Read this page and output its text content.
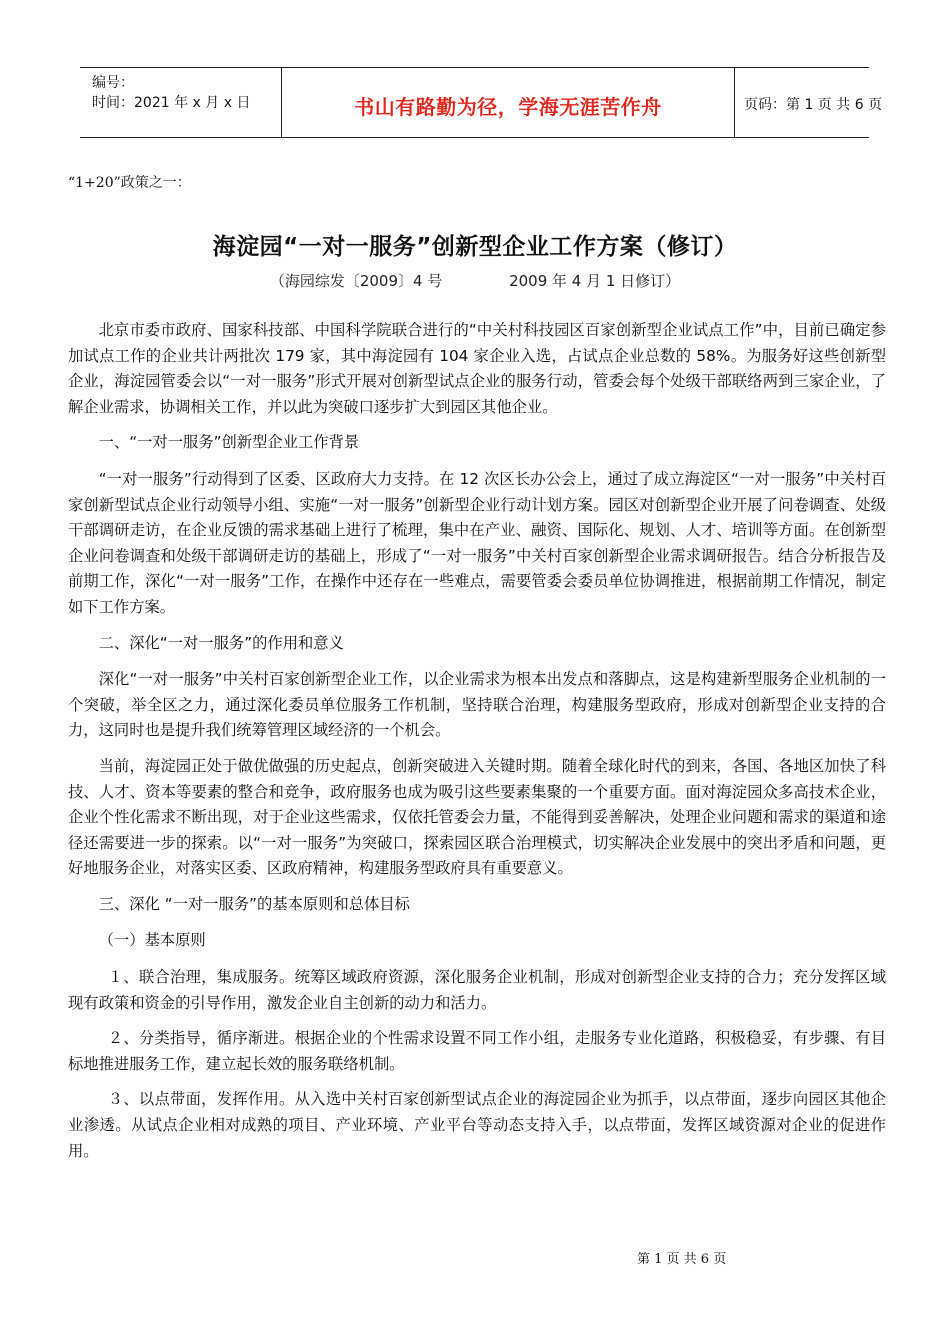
编号：
时间：2021 年 x 月 x 日	书山有路勤为径，学海无涯苦作舟	页码：第 1 页 共 6 页
“1+20”政策之一：
海淀园“一对一服务”创新型企业工作方案（修订）
（海园综发〔2009〕4 号              2009 年 4 月 1 日修订）

北京市委市政府、国家科技部、中国科学院联合进行的“中关村科技园区百家创新型企业试点工作”中，目前已确定参加试点工作的企业共计两批次 179 家，其中海淀园有 104 家企业入选，占试点企业总数的 58%。为服务好这些创新型企业，海淀园管委会以“一对一服务”形式开展对创新型试点企业的服务行动，管委会每个处级干部联络两到三家企业，了解企业需求，协调相关工作，并以此为突破口逐步扩大到园区其他企业。

一、“一对一服务”创新型企业工作背景

“一对一服务”行动得到了区委、区政府大力支持。在 12 次区长办公会上，通过了成立海淀区“一对一服务”中关村百家创新型试点企业行动领导小组、实施“一对一服务”创新型企业行动计划方案。园区对创新型企业开展了问卷调查、处级干部调研走访，在企业反馈的需求基础上进行了梳理，集中在产业、融资、国际化、规划、人才、培训等方面。在创新型企业问卷调查和处级干部调研走访的基础上，形成了“一对一服务”中关村百家创新型企业需求调研报告。结合分析报告及前期工作，深化“一对一服务”工作，在操作中还存在一些难点，需要管委会委员单位协调推进，根据前期工作情况，制定如下工作方案。

二、深化“一对一服务”的作用和意义

深化“一对一服务”中关村百家创新型企业工作，以企业需求为根本出发点和落脚点，这是构建新型服务企业机制的一个突破，举全区之力，通过深化委员单位服务工作机制，坚持联合治理，构建服务型政府，形成对创新型企业支持的合力，这同时也是提升我们统筹管理区域经济的一个机会。

当前，海淀园正处于做优做强的历史起点，创新突破进入关键时期。随着全球化时代的到来，各国、各地区加快了科技、人才、资本等要素的整合和竞争，政府服务也成为吸引这些要素集聚的一个重要方面。面对海淀园众多高技术企业，企业个性化需求不断出现，对于企业这些需求，仅依托管委会力量，不能得到妥善解决，处理企业问题和需求的渠道和途径还需要进一步的探索。以“一对一服务”为突破口，探索园区联合治理模式，切实解决企业发展中的突出矛盾和问题，更好地服务企业，对落实区委、区政府精神，构建服务型政府具有重要意义。

三、深化 “一对一服务”的基本原则和总体目标

（一）基本原则

１、联合治理，集成服务。统筹区域政府资源，深化服务企业机制，形成对创新型企业支持的合力；充分发挥区域现有政策和资金的引导作用，激发企业自主创新的动力和活力。

２、分类指导，循序渐进。根据企业的个性需求设置不同工作小组，走服务专业化道路，积极稳妥，有步骤、有目标地推进服务工作，建立起长效的服务联络机制。

３、以点带面，发挥作用。从入选中关村百家创新型试点企业的海淀园企业为抓手，以点带面，逐步向园区其他企业渗透。从试点企业相对成熟的项目、产业环境、产业平台等动态支持入手，以点带面，发挥区域资源对企业的促进作用。

第 1 页 共 6 页
